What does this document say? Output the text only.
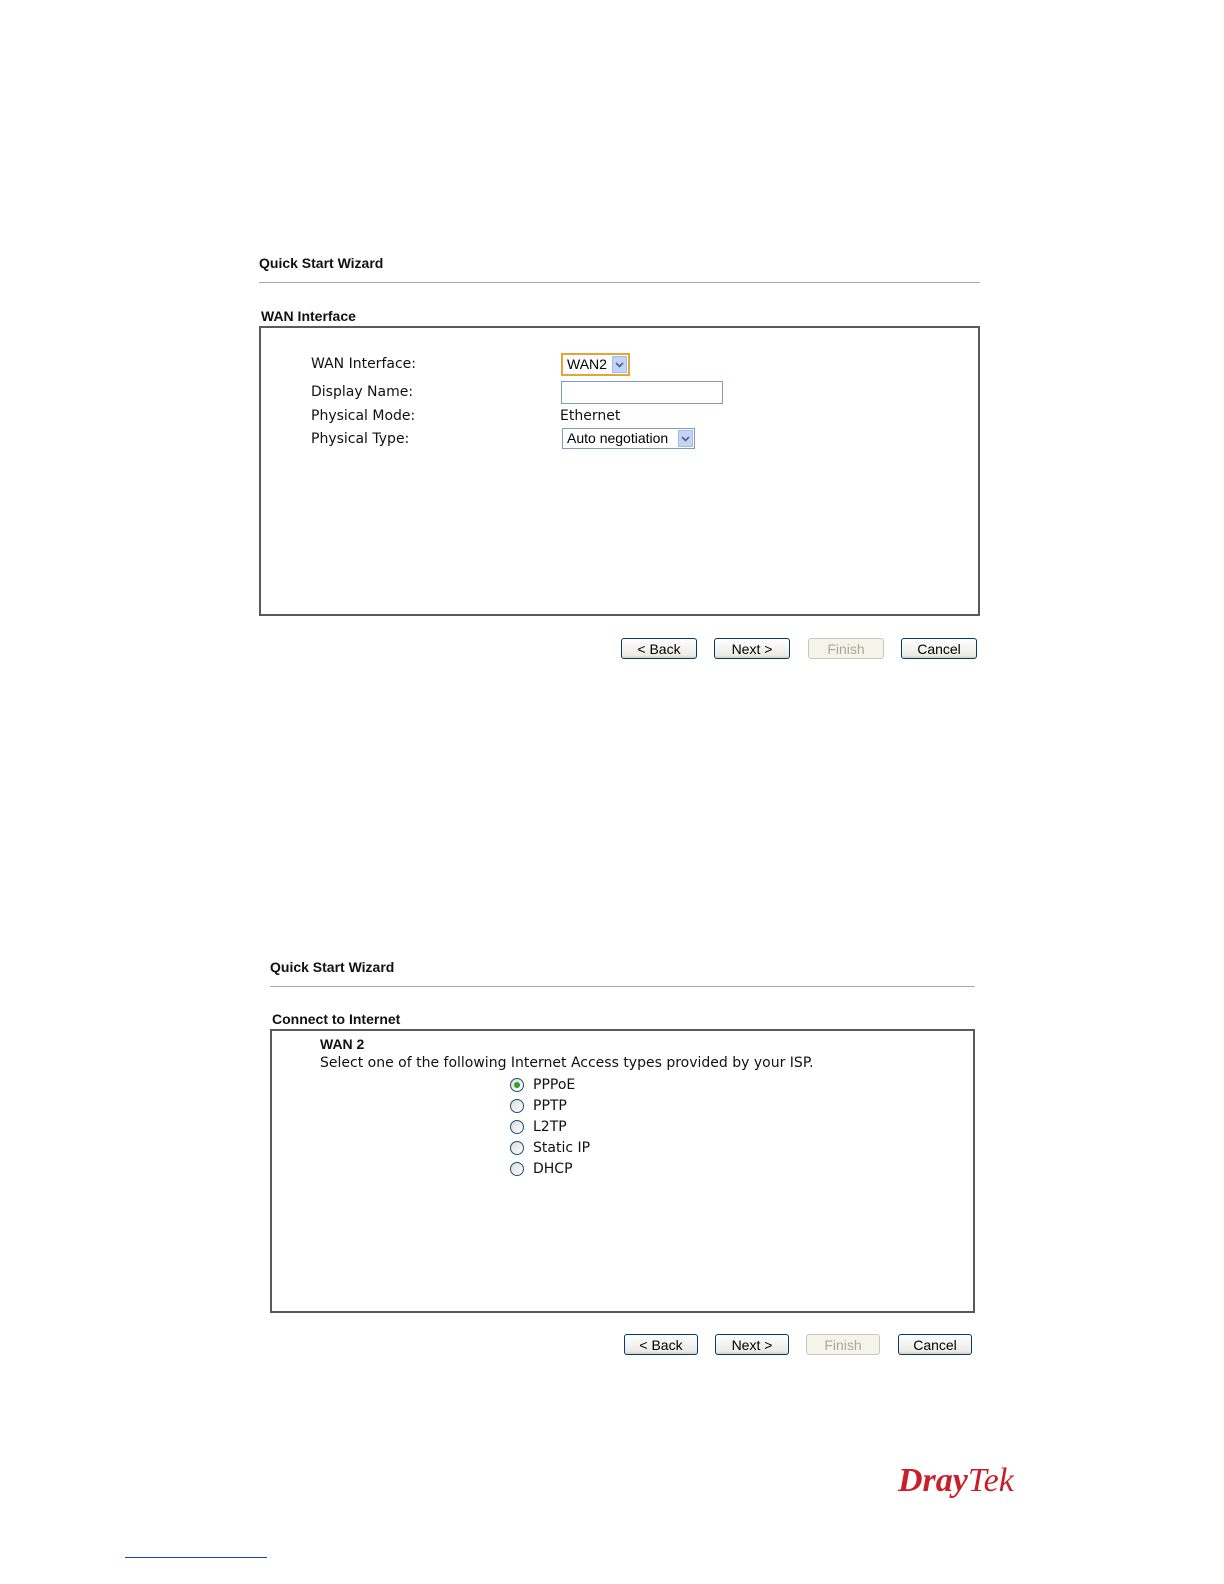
Quick Start Wizard
WAN Interface
WAN Interface:	WAN2
Display Name:
Physical Mode:	Ethernet
Physical Type:	Auto negotiation
< Back	Next >	Finish	Cancel
Quick Start Wizard
Connect to Internet
WAN 2
Select one of the following Internet Access types provided by your ISP.
PPPoE
PPTP
L2TP
Static IP
DHCP
< Back	Next >	Finish	Cancel
DrayTek
